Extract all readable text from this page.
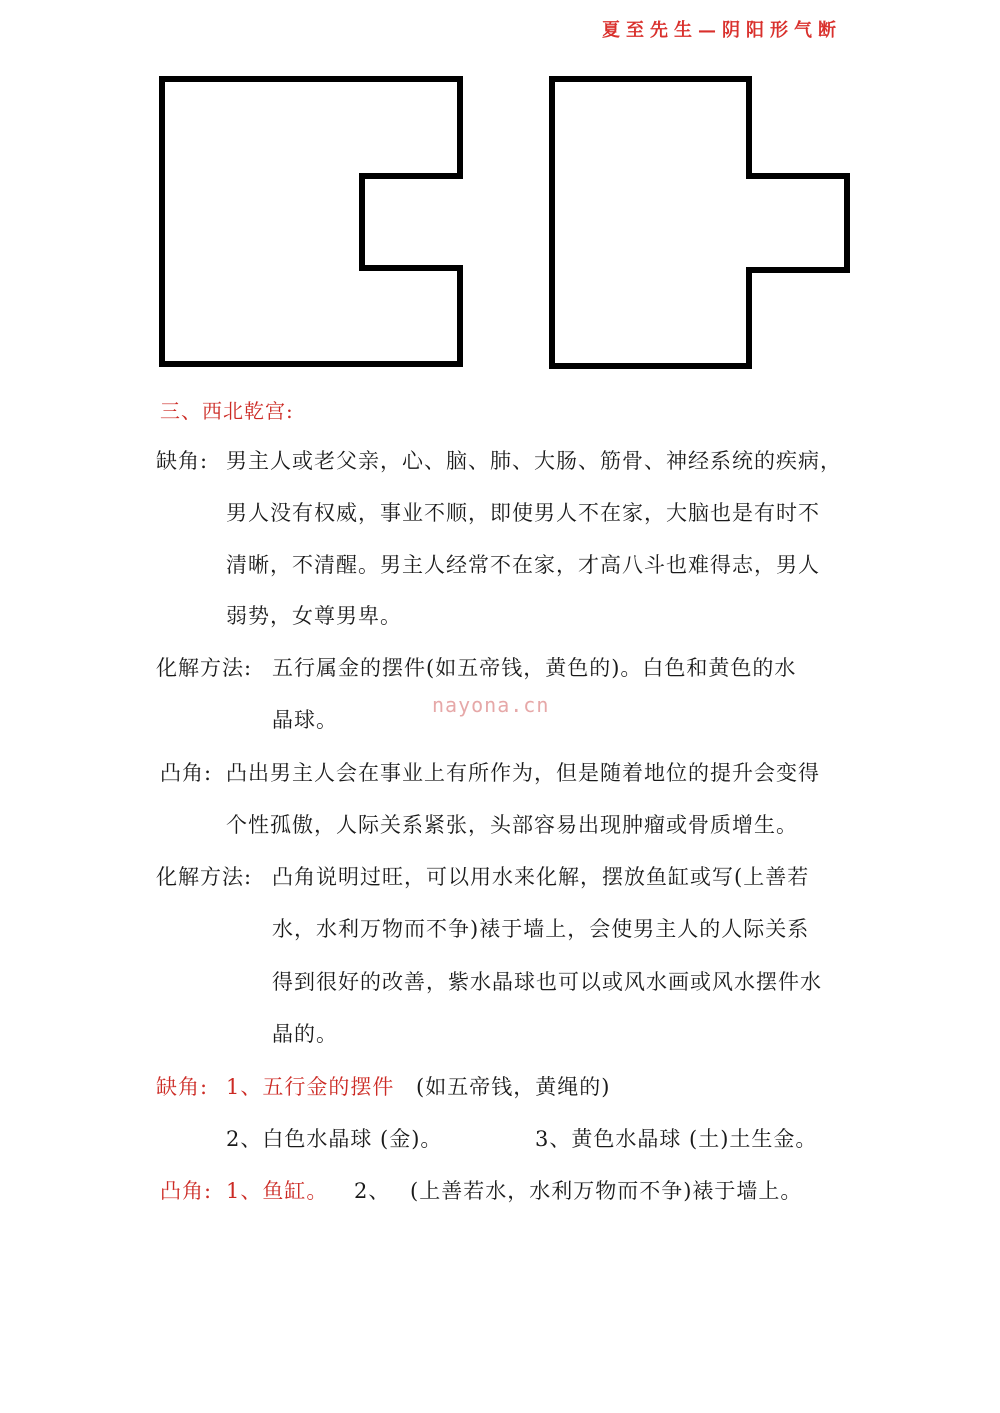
夏至先生—阴阳形气断
三、西北乾宫:
缺角: 男主人或老父亲，心、脑、肺、大肠、筋骨、神经系统的疾病，
男人没有权威，事业不顺，即使男人不在家，大脑也是有时不
清晰，不清醒。男主人经常不在家，才高八斗也难得志，男人
弱势，女尊男卑。
化解方法: 五行属金的摆件(如五帝钱，黄色的)。白色和黄色的水
晶球。
nayona.cn
凸角: 凸出男主人会在事业上有所作为，但是随着地位的提升会变得
个性孤傲，人际关系紧张，头部容易出现肿瘤或骨质增生。
化解方法: 凸角说明过旺，可以用水来化解，摆放鱼缸或写(上善若
水，水利万物而不争)裱于墙上，会使男主人的人际关系
得到很好的改善，紫水晶球也可以或风水画或风水摆件水
晶的。
缺角: 1、五行金的摆件 (如五帝钱，黄绳的)
2、白色水晶球 (金)。	3、黄色水晶球 (土)土生金。
凸角: 1、鱼缸。 2、 (上善若水，水利万物而不争)裱于墙上。
